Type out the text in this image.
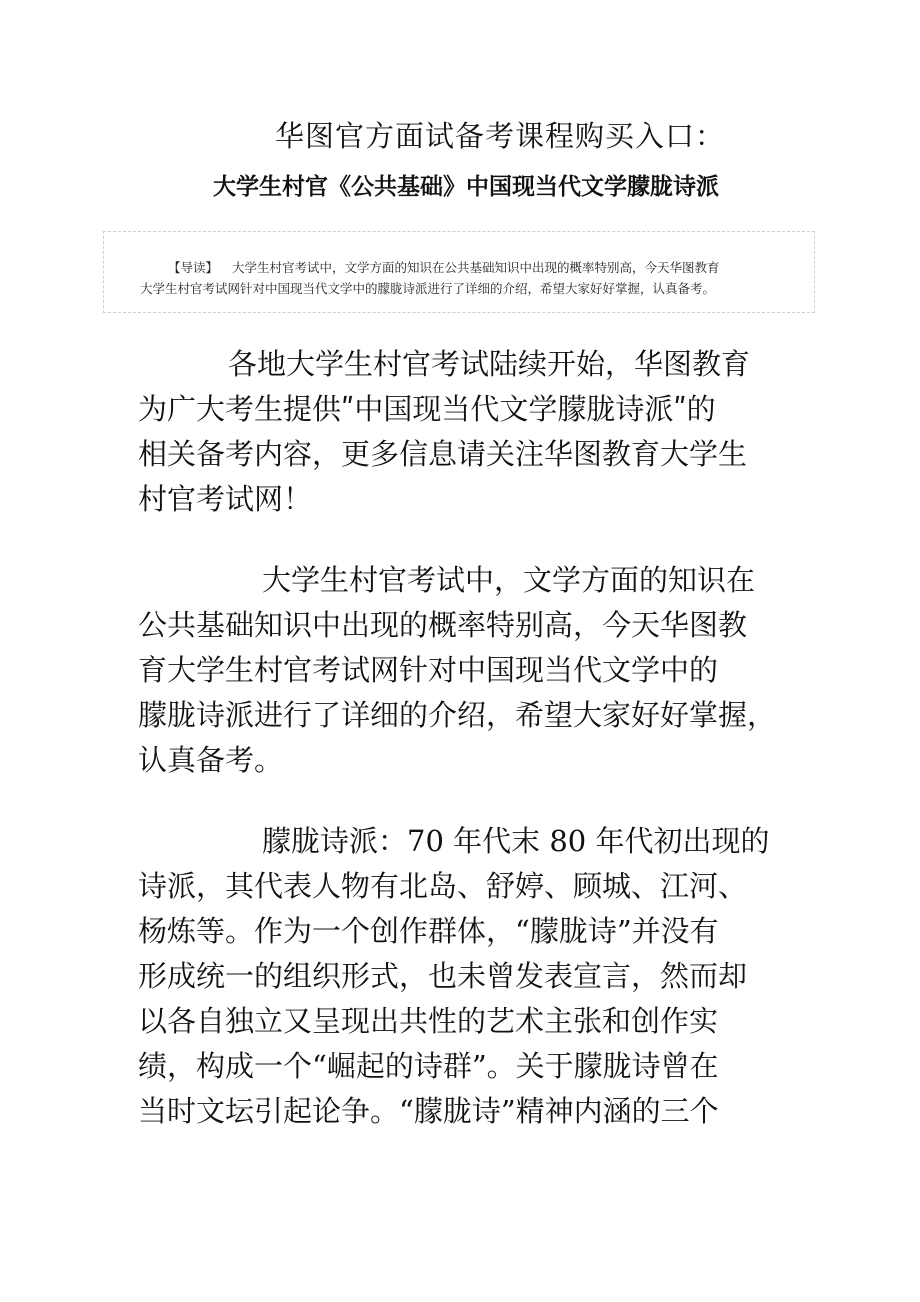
华图官方面试备考课程购买入口：
大学生村官《公共基础》中国现当代文学朦胧诗派
【导读】 大学生村官考试中，文学方面的知识在公共基础知识中出现的概率特别高，今天华图教育
大学生村官考试网针对中国现当代文学中的朦胧诗派进行了详细的介绍，希望大家好好掌握，认真备考。
各地大学生村官考试陆续开始，华图教育
为广大考生提供ʺ中国现当代文学朦胧诗派ʺ的
相关备考内容，更多信息请关注华图教育大学生
村官考试网！
大学生村官考试中，文学方面的知识在
公共基础知识中出现的概率特别高，今天华图教
育大学生村官考试网针对中国现当代文学中的
朦胧诗派进行了详细的介绍，希望大家好好掌握，
认真备考。
朦胧诗派：70 年代末 80 年代初出现的
诗派，其代表人物有北岛、舒婷、顾城、江河、
杨炼等。作为一个创作群体，“朦胧诗”并没有
形成统一的组织形式，也未曾发表宣言，然而却
以各自独立又呈现出共性的艺术主张和创作实
绩，构成一个“崛起的诗群”。关于朦胧诗曾在
当时文坛引起论争。“朦胧诗”精神内涵的三个
